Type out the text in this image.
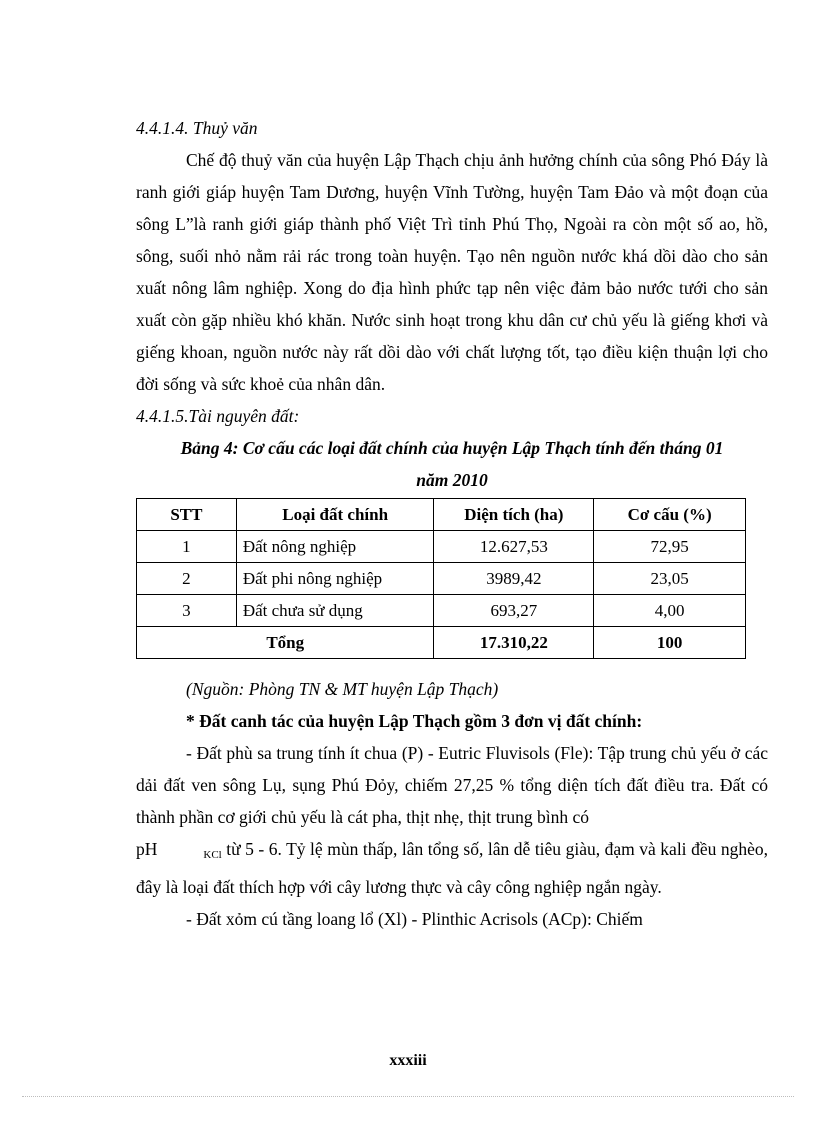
4.4.1.4. Thuỷ văn

Chế độ thuỷ văn của huyện Lập Thạch chịu ảnh hưởng chính của sông Phó Đáy là ranh giới giáp huyện Tam Dương, huyện Vĩnh Tường, huyện Tam Đảo và một đoạn của sông L”là ranh giới giáp thành phố Việt Trì tỉnh Phú Thọ, Ngoài ra còn một số ao, hồ, sông, suối nhỏ nằm rải rác trong toàn huyện. Tạo nên nguồn nước khá dồi dào cho sản xuất nông lâm nghiệp. Xong do địa hình phức tạp nên việc đảm bảo nước tưới cho sản xuất còn gặp nhiều khó khăn. Nước sinh hoạt trong khu dân cư chủ yếu là giếng khơi và giếng khoan, nguồn nước này rất dồi dào với chất lượng tốt, tạo điều kiện thuận lợi cho đời sống và sức khoẻ của nhân dân.

4.4.1.5.Tài nguyên đất:

Bảng 4: Cơ cấu các loại đất chính của huyện Lập Thạch tính đến tháng 01
năm 2010

STT	Loại đất chính	Diện tích (ha)	Cơ cấu (%)
1	Đất nông nghiệp	12.627,53	72,95
2	Đất phi nông nghiệp	3989,42	23,05
3	Đất chưa sử dụng	693,27	4,00
Tổng		17.310,22	100

(Nguồn: Phòng TN & MT huyện Lập Thạch)

* Đất canh tác của huyện Lập Thạch gồm 3 đơn vị đất chính:

- Đất phù sa trung tính ít chua (P) - Eutric Fluvisols (Fle): Tập trung chủ yếu ở các dải đất ven sông Lụ, sụng Phú Đỏy, chiếm 27,25 % tổng diện tích đất điều tra. Đất có thành phần cơ giới chủ yếu là cát pha, thịt nhẹ, thịt trung bình có
pH	KCl từ 5 - 6. Tỷ lệ mùn thấp, lân tổng số, lân dễ tiêu giàu, đạm và kali đều nghèo, đây là loại đất thích hợp với cây lương thực và cây công nghiệp ngắn ngày.

- Đất xỏm cú tầng loang lổ (Xl) - Plinthic Acrisols (ACp): Chiếm

xxxiii
